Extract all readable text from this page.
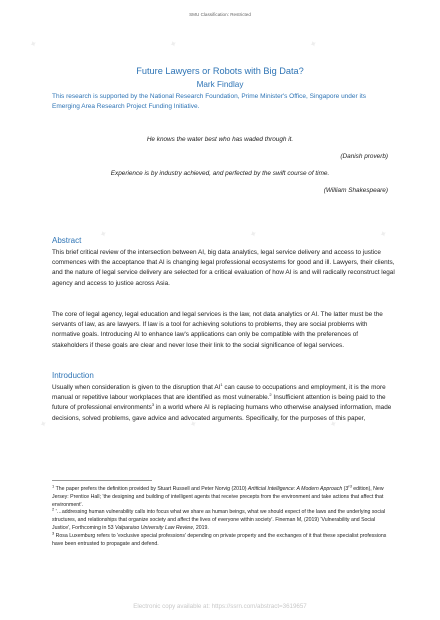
✦	✦	✦
✦	✦	✦
✦	✦	✦
SMU Classification: Restricted
Future Lawyers or Robots with Big Data?
Mark Findlay
This research is supported by the National Research Foundation, Prime Minister's Office, Singapore under its Emerging Area Research Project Funding Initiative.
He knows the water best who has waded through it.
(Danish proverb)
Experience is by industry achieved, and perfected by the swift course of time.
(William Shakespeare)
Abstract

This brief critical review of the intersection between AI, big data analytics, legal service delivery and access to justice commences with the acceptance that AI is changing legal professional ecosystems for good and ill. Lawyers, their clients, and the nature of legal service delivery are selected for a critical evaluation of how AI is and will radically reconstruct legal agency and access to justice across Asia.

The core of legal agency, legal education and legal services is the law, not data analytics or AI. The latter must be the servants of law, as are lawyers. If law is a tool for achieving solutions to problems, they are social problems with normative goals. Introducing AI to enhance law's applications can only be compatible with the preferences of stakeholders if these goals are clear and never lose their link to the social significance of legal services.

Introduction

Usually when consideration is given to the disruption that $AI^1$ can cause to occupations and employment, it is the more manual or repetitive labour workplaces that are identified as most vulnerable.$^2$ Insufficient attention is being paid to the future of professional environments$^3$ in a world where AI is replacing humans who otherwise analysed information, made decisions, solved problems, gave advice and advocated arguments. Specifically, for the purposes of this paper,

$^1$ The paper prefers the definition provided by Stuart Russell and Peter Norvig (2010) Artificial Intelligence: A Modern Approach (3rd edition), New Jersey: Prentice Hall; 'the designing and building of intelligent agents that receive precepts from the environment and take actions that affect that environment'.

$^2$ '…addressing human vulnerability calls into focus what we share as human beings, what we should expect of the laws and the underlying social structures, and relationships that organize society and affect the lives of everyone within society'. Fineman M, (2019) 'Vulnerability and Social Justice', Forthcoming in 53 Valparaiso University Law Review, 2019.

$^3$ Rosa Luxemburg refers to 'exclusive special professions' depending on private property and the exchanges of it that these specialist professions have been entrusted to propagate and defend.

Electronic copy available at: https://ssrn.com/abstract=3619657
